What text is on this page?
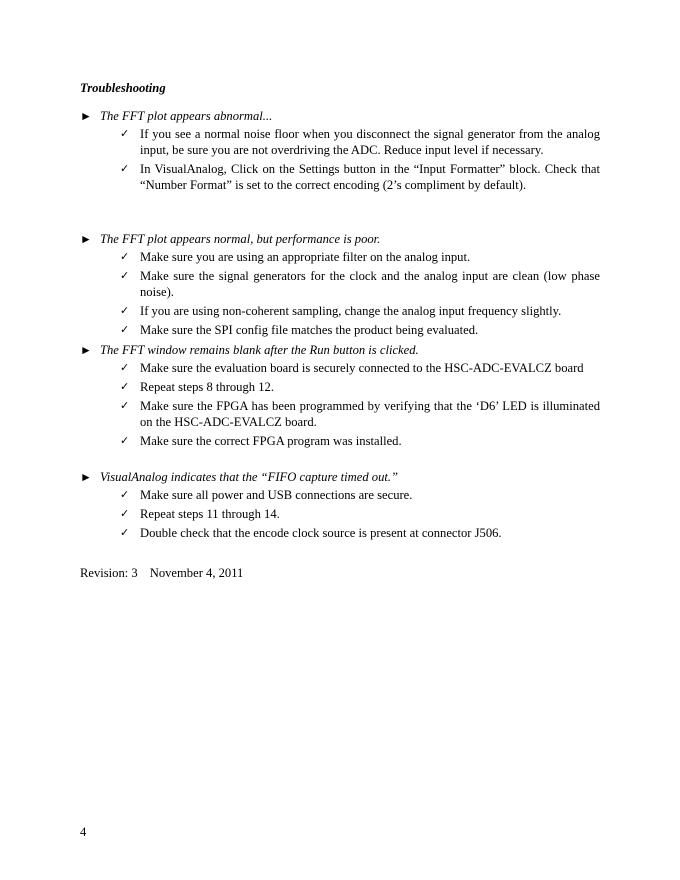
Troubleshooting
► The FFT plot appears abnormal...
✓ If you see a normal noise floor when you disconnect the signal generator from the analog input, be sure you are not overdriving the ADC. Reduce input level if necessary.
✓ In VisualAnalog, Click on the Settings button in the “Input Formatter” block. Check that “Number Format” is set to the correct encoding (2’s compliment by default).
► The FFT plot appears normal, but performance is poor.
✓ Make sure you are using an appropriate filter on the analog input.
✓ Make sure the signal generators for the clock and the analog input are clean (low phase noise).
✓ If you are using non-coherent sampling, change the analog input frequency slightly.
✓ Make sure the SPI config file matches the product being evaluated.
► The FFT window remains blank after the Run button is clicked.
✓ Make sure the evaluation board is securely connected to the HSC-ADC-EVALCZ board
✓ Repeat steps 8 through 12.
✓ Make sure the FPGA has been programmed by verifying that the ‘D6’ LED is illuminated on the HSC-ADC-EVALCZ board.
✓ Make sure the correct FPGA program was installed.
► VisualAnalog indicates that the “FIFO capture timed out.”
✓ Make sure all power and USB connections are secure.
✓ Repeat steps 11 through 14.
✓ Double check that the encode clock source is present at connector J506.
Revision: 3 November 4, 2011
4
